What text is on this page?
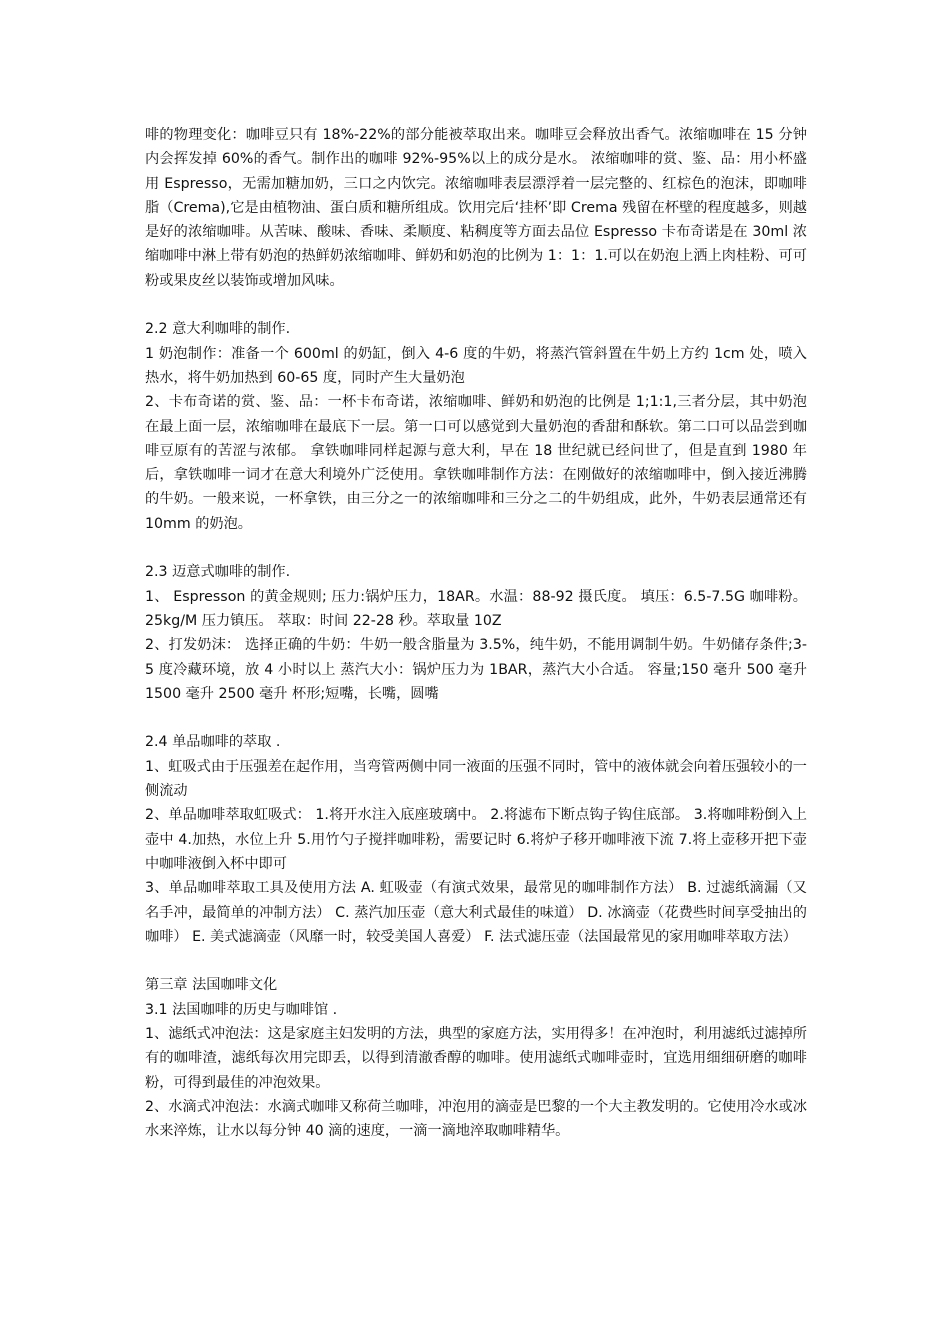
啡的物理变化：咖啡豆只有 18%-22%的部分能被萃取出来。咖啡豆会释放出香气。浓缩咖啡在 15 分钟内会挥发掉 60%的香气。制作出的咖啡 92%-95%以上的成分是水。 浓缩咖啡的赏、鉴、品：用小杯盛用 Espresso，无需加糖加奶，三口之内饮完。浓缩咖啡表层漂浮着一层完整的、红棕色的泡沫，即咖啡脂（Crema),它是由植物油、蛋白质和糖所组成。饮用完后‘挂杯’即 Crema 残留在杯壁的程度越多，则越是好的浓缩咖啡。从苦味、酸味、香味、柔顺度、粘稠度等方面去品位 Espresso 卡布奇诺是在 30ml 浓缩咖啡中淋上带有奶泡的热鲜奶浓缩咖啡、鲜奶和奶泡的比例为 1：1：1.可以在奶泡上洒上肉桂粉、可可粉或果皮丝以装饰或增加风味。

2.2 意大利咖啡的制作.

1 奶泡制作：准备一个 600ml 的奶缸，倒入 4-6 度的牛奶，将蒸汽管斜置在牛奶上方约 1cm 处，喷入热水，将牛奶加热到 60-65 度，同时产生大量奶泡

2、卡布奇诺的赏、鉴、品：一杯卡布奇诺，浓缩咖啡、鲜奶和奶泡的比例是 1;1:1,三者分层，其中奶泡在最上面一层，浓缩咖啡在最底下一层。第一口可以感觉到大量奶泡的香甜和酥软。第二口可以品尝到咖啡豆原有的苦涩与浓郁。 拿铁咖啡同样起源与意大利，早在 18 世纪就已经问世了，但是直到 1980 年后，拿铁咖啡一词才在意大利境外广泛使用。拿铁咖啡制作方法：在刚做好的浓缩咖啡中，倒入接近沸腾的牛奶。一般来说，一杯拿铁，由三分之一的浓缩咖啡和三分之二的牛奶组成，此外，牛奶表层通常还有 10mm 的奶泡。

2.3 迈意式咖啡的制作.

1、 Espresson 的黄金规则; 压力:锅炉压力，18AR。水温：88-92 摄氏度。 填压：6.5-7.5G 咖啡粉。25kg/M 压力镇压。 萃取：时间 22-28 秒。萃取量 10Z

2、打发奶沫： 选择正确的牛奶：牛奶一般含脂量为 3.5%，纯牛奶，不能用调制牛奶。牛奶储存条件;3-5 度冷藏环境，放 4 小时以上 蒸汽大小：锅炉压力为 1BAR，蒸汽大小合适。 容量;150 毫升 500 毫升 1500 毫升 2500 毫升 杯形;短嘴，长嘴，圆嘴

2.4 单品咖啡的萃取 .

1、虹吸式由于压强差在起作用，当弯管两侧中同一液面的压强不同时，管中的液体就会向着压强较小的一侧流动

2、单品咖啡萃取虹吸式： 1.将开水注入底座玻璃中。 2.将滤布下断点钩子钩住底部。 3.将咖啡粉倒入上壶中 4.加热，水位上升 5.用竹勺子搅拌咖啡粉，需要记时 6.将炉子移开咖啡液下流 7.将上壶移开把下壶中咖啡液倒入杯中即可

3、单品咖啡萃取工具及使用方法 A. 虹吸壶（有演式效果，最常见的咖啡制作方法） B. 过滤纸滴漏（又名手冲，最简单的冲制方法） C. 蒸汽加压壶（意大利式最佳的味道） D. 冰滴壶（花费些时间享受抽出的咖啡） E. 美式滤滴壶（风靡一时，较受美国人喜爱） F. 法式滤压壶（法国最常见的家用咖啡萃取方法）

第三章 法国咖啡文化

3.1 法国咖啡的历史与咖啡馆 .

1、滤纸式冲泡法：这是家庭主妇发明的方法，典型的家庭方法，实用得多！在冲泡时，利用滤纸过滤掉所有的咖啡渣，滤纸每次用完即丢，以得到清澈香醇的咖啡。使用滤纸式咖啡壶时，宜选用细细研磨的咖啡粉，可得到最佳的冲泡效果。

2、水滴式冲泡法：水滴式咖啡又称荷兰咖啡，冲泡用的滴壶是巴黎的一个大主教发明的。它使用冷水或冰水来淬炼，让水以每分钟 40 滴的速度，一滴一滴地淬取咖啡精华。
